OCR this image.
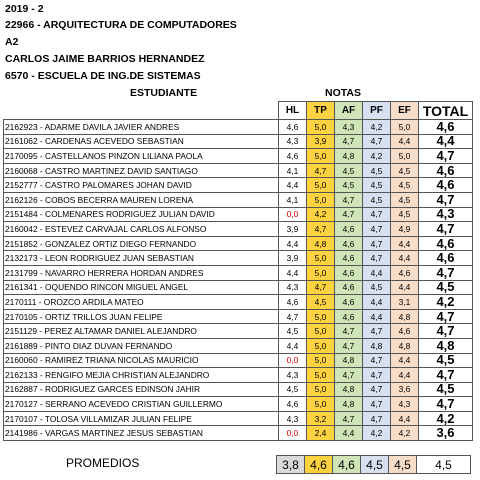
2019 - 2
22966 - ARQUITECTURA DE COMPUTADORES
A2
CARLOS JAIME BARRIOS HERNANDEZ
6570 - ESCUELA DE ING.DE SISTEMAS
ESTUDIANTE	NOTAS
	HL	TP	AF	PF	EF	TOTAL
2162923 - ADARME DAVILA JAVIER ANDRES	4,6	5,0	4,3	4,2	5,0	4,6
2161062 - CARDENAS ACEVEDO SEBASTIAN	4,3	3,9	4,7	4,7	4,4	4,4
2170095 - CASTELLANOS PINZON LILIANA PAOLA	4,6	5,0	4,8	4,2	5,0	4,7
2160068 - CASTRO MARTINEZ DAVID SANTIAGO	4,1	4,7	4,5	4,5	4,5	4,6
2152777 - CASTRO PALOMARES JOHAN DAVID	4,4	5,0	4,5	4,5	4,5	4,6
2162126 - COBOS BECERRA MAUREN LORENA	4,1	5,0	4,7	4,5	4,5	4,7
2151484 - COLMENARES RODRIGUEZ JULIAN DAVID	0,0	4,2	4,7	4,7	4,5	4,3
2160042 - ESTEVEZ CARVAJAL CARLOS ALFONSO	3,9	4,7	4,6	4,7	4,9	4,7
2151852 - GONZALEZ ORTIZ DIEGO FERNANDO	4,4	4,8	4,6	4,7	4,4	4,6
2132173 - LEON RODRIGUEZ JUAN SEBASTIAN	3,9	5,0	4,6	4,7	4,4	4,6
2131799 - NAVARRO HERRERA HORDAN ANDRES	4,4	5,0	4,6	4,4	4,6	4,7
2161341 - OQUENDO RINCON MIGUEL ANGEL	4,3	4,7	4,6	4,5	4,4	4,5
2170111 - OROZCO ARDILA MATEO	4,6	4,5	4,6	4,4	3,1	4,2
2170105 - ORTIZ TRILLOS JUAN FELIPE	4,7	5,0	4,6	4,4	4,8	4,7
2151129 - PEREZ ALTAMAR DANIEL ALEJANDRO	4,5	5,0	4,7	4,7	4,6	4,7
2161889 - PINTO DIAZ DUVAN FERNANDO	4,4	5,0	4,7	4,8	4,8	4,8
2160060 - RAMIREZ TRIANA NICOLAS MAURICIO	0,0	5,0	4,8	4,7	4,4	4,5
2162133 - RENGIFO MEJIA CHRISTIAN ALEJANDRO	4,3	5,0	4,7	4,7	4,4	4,7
2162887 - RODRIGUEZ GARCES EDINSON JAHIR	4,5	5,0	4,8	4,7	3,6	4,5
2170127 - SERRANO ACEVEDO CRISTIAN GUILLERMO	4,6	5,0	4,8	4,7	4,3	4,7
2170107 - TOLOSA VILLAMIZAR JULIAN FELIPE	4,3	3,2	4,7	4,7	4,4	4,2
2141986 - VARGAS MARTINEZ JESUS SEBASTIAN	0,0	2,4	4,4	4,2	4,2	3,6
PROMEDIOS	3,8	4,6	4,6	4,5	4,5	4,5
